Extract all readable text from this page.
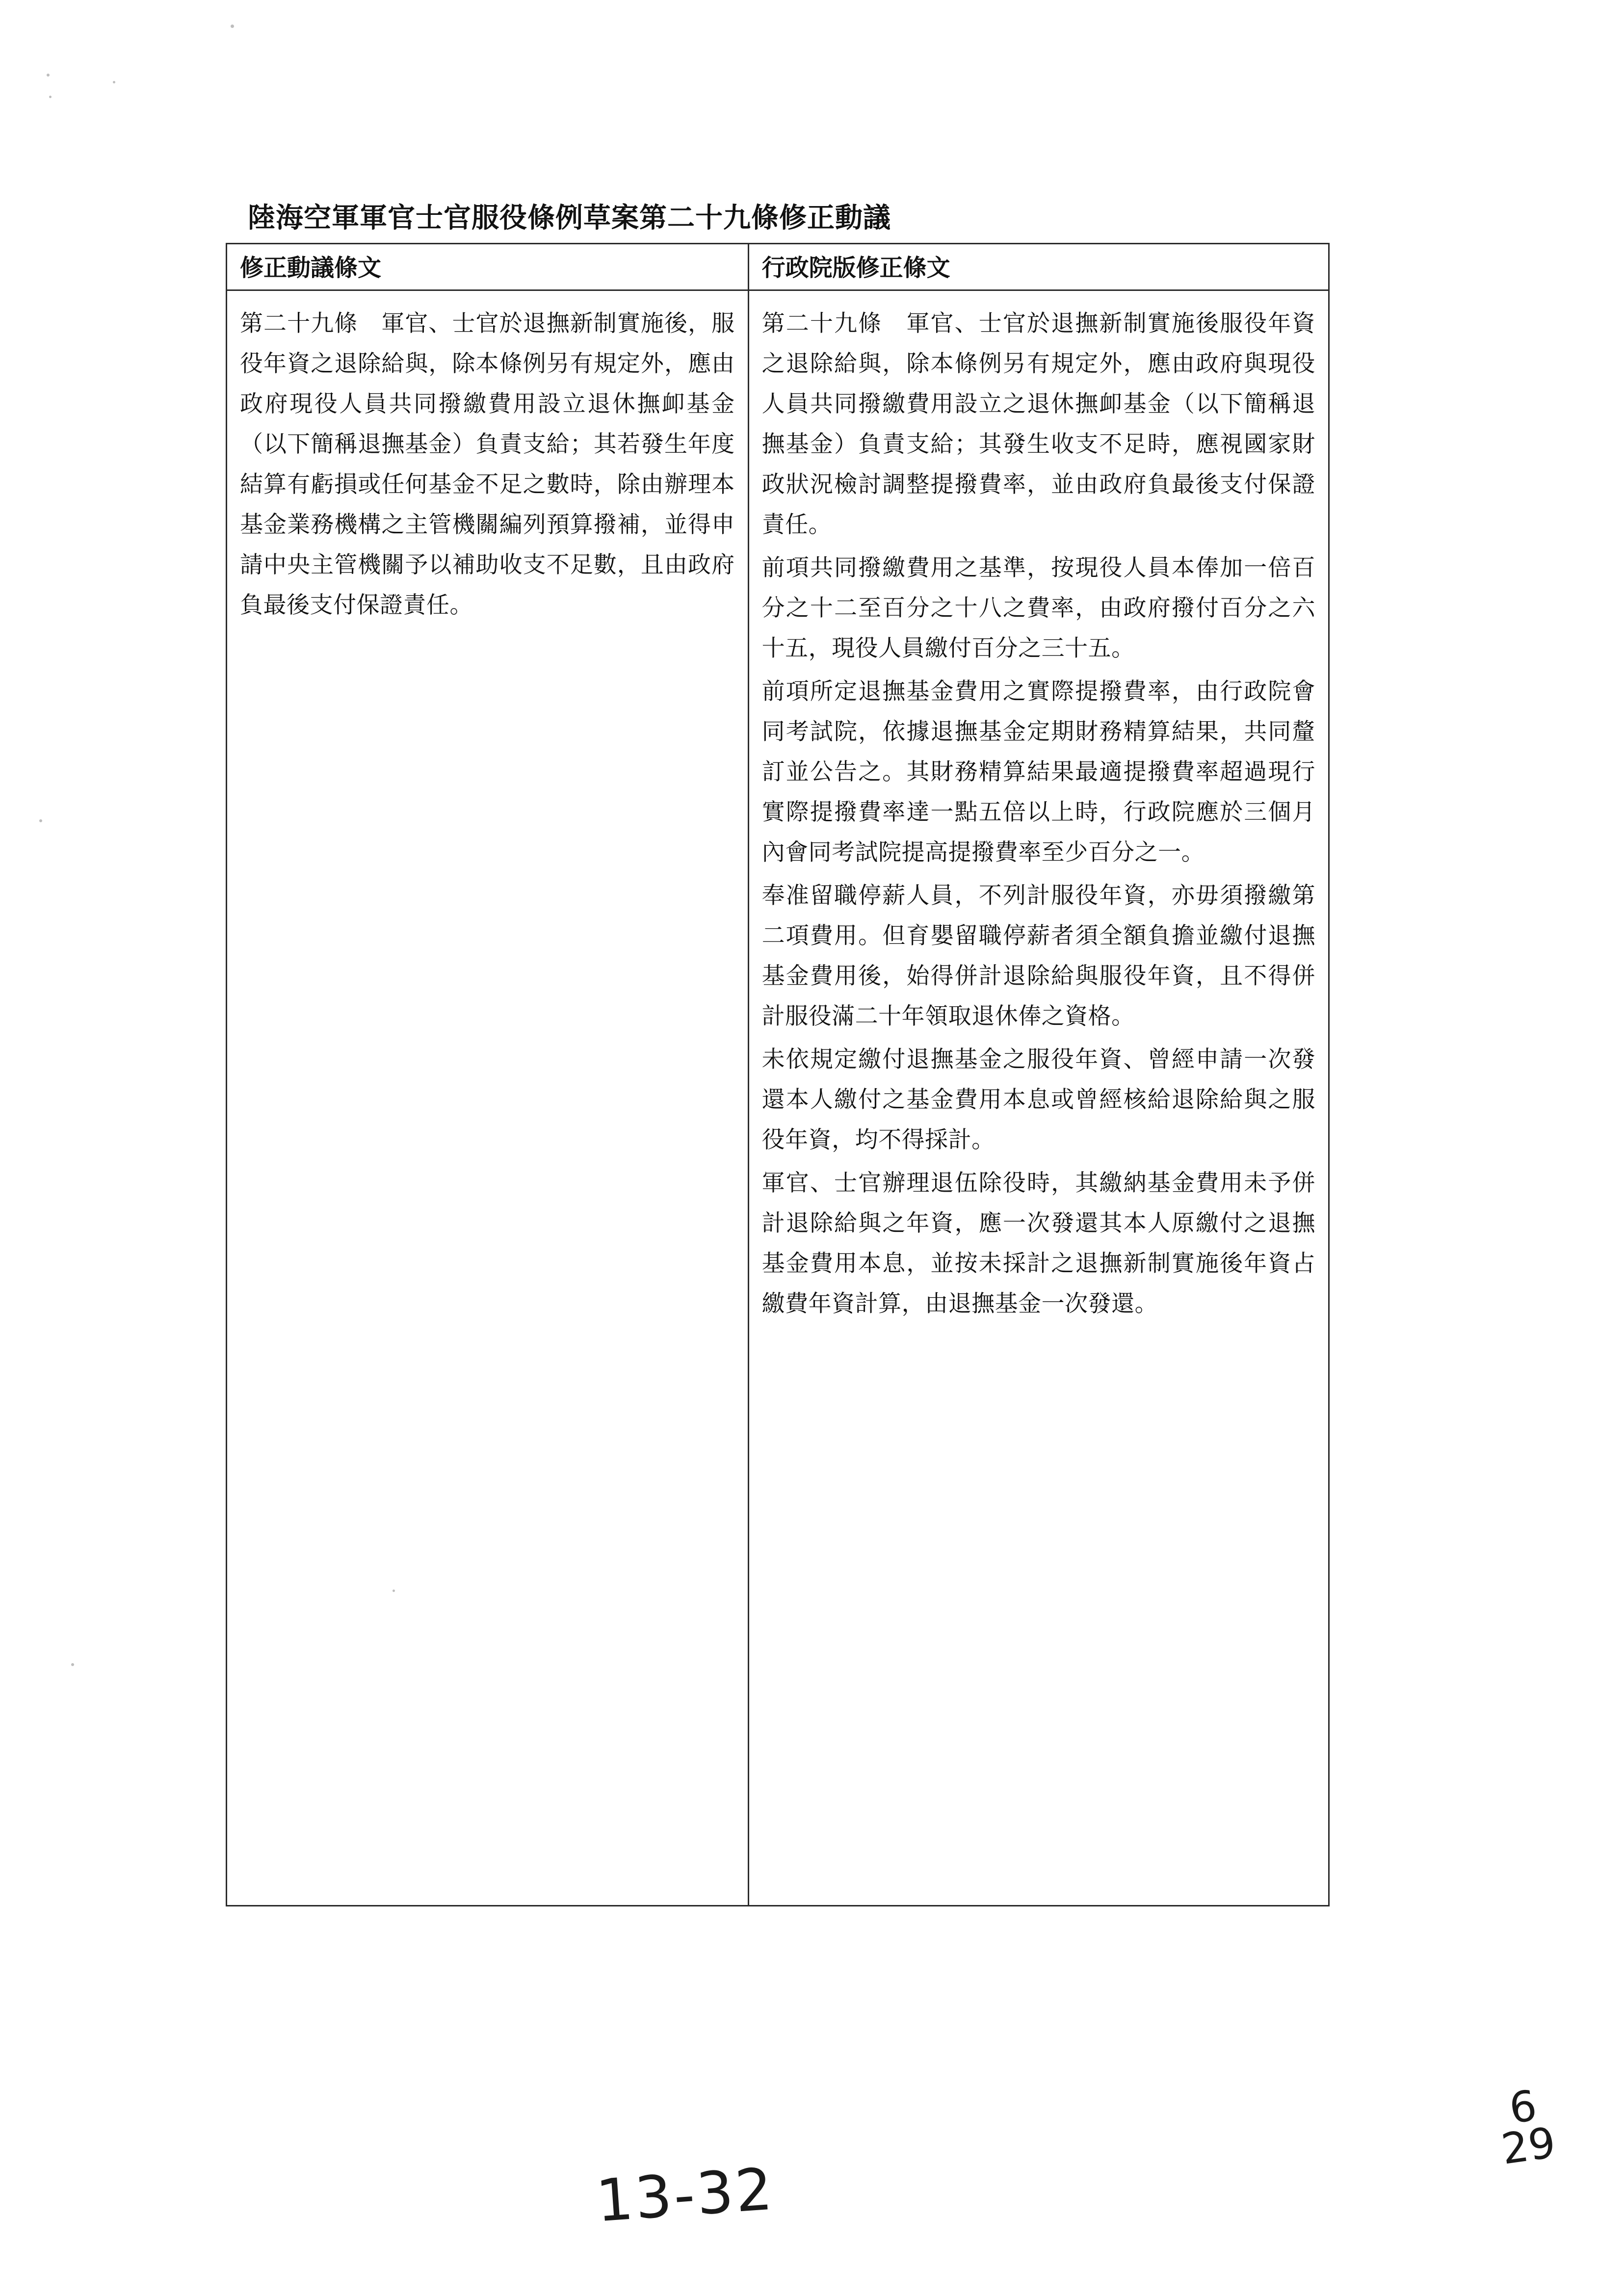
陸海空軍軍官士官服役條例草案第二十九條修正動議
修正動議條文	行政院版修正條文

第二十九條　軍官、士官於退撫新制實施後，服役年資之退除給與，除本條例另有規定外，應由政府現役人員共同撥繳費用設立退休撫卹基金（以下簡稱退撫基金）負責支給；其若發生年度結算有虧損或任何基金不足之數時，除由辦理本基金業務機構之主管機關編列預算撥補，並得申請中央主管機關予以補助收支不足數，且由政府負最後支付保證責任。

第二十九條　軍官、士官於退撫新制實施後服役年資之退除給與，除本條例另有規定外，應由政府與現役人員共同撥繳費用設立之退休撫卹基金（以下簡稱退撫基金）負責支給；其發生收支不足時，應視國家財政狀況檢討調整提撥費率，並由政府負最後支付保證責任。

前項共同撥繳費用之基準，按現役人員本俸加一倍百分之十二至百分之十八之費率，由政府撥付百分之六十五，現役人員繳付百分之三十五。

前項所定退撫基金費用之實際提撥費率，由行政院會同考試院，依據退撫基金定期財務精算結果，共同釐訂並公告之。其財務精算結果最適提撥費率超過現行實際提撥費率達一點五倍以上時，行政院應於三個月內會同考試院提高提撥費率至少百分之一。

奉准留職停薪人員，不列計服役年資，亦毋須撥繳第二項費用。但育嬰留職停薪者須全額負擔並繳付退撫基金費用後，始得併計退除給與服役年資，且不得併計服役滿二十年領取退休俸之資格。

未依規定繳付退撫基金之服役年資、曾經申請一次發還本人繳付之基金費用本息或曾經核給退除給與之服役年資，均不得採計。

軍官、士官辦理退伍除役時，其繳納基金費用未予併計退除給與之年資，應一次發還其本人原繳付之退撫基金費用本息，並按未採計之退撫新制實施後年資占繳費年資計算，由退撫基金一次發還。

13-32
6
29
